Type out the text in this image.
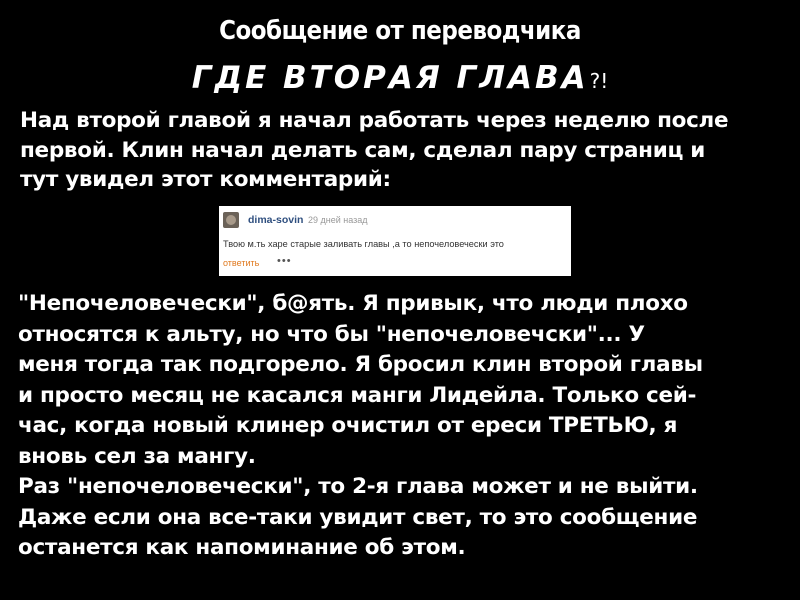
Сообщение от переводчика
ГДЕ ВТОРАЯ ГЛАВА?!
Над второй главой я начал работать через неделю после
первой. Клин начал делать сам, сделал пару страниц и
тут увидел этот комментарий:
dima-sovin 29 дней назад
Твою м.ть харе старые заливать главы ,а то непочеловечески это
ответить •••
"Непочеловечески", б@ять. Я привык, что люди плохо
относятся к альту, но что бы "непочеловечски"... У
меня тогда так подгорело. Я бросил клин второй главы
и просто месяц не касался манги Лидейла. Только сей-
час, когда новый клинер очистил от ереси ТРЕТЬЮ, я
вновь сел за мангу.
Раз "непочеловечески", то 2-я глава может и не выйти.
Даже если она все-таки увидит свет, то это сообщение
останется как напоминание об этом.
